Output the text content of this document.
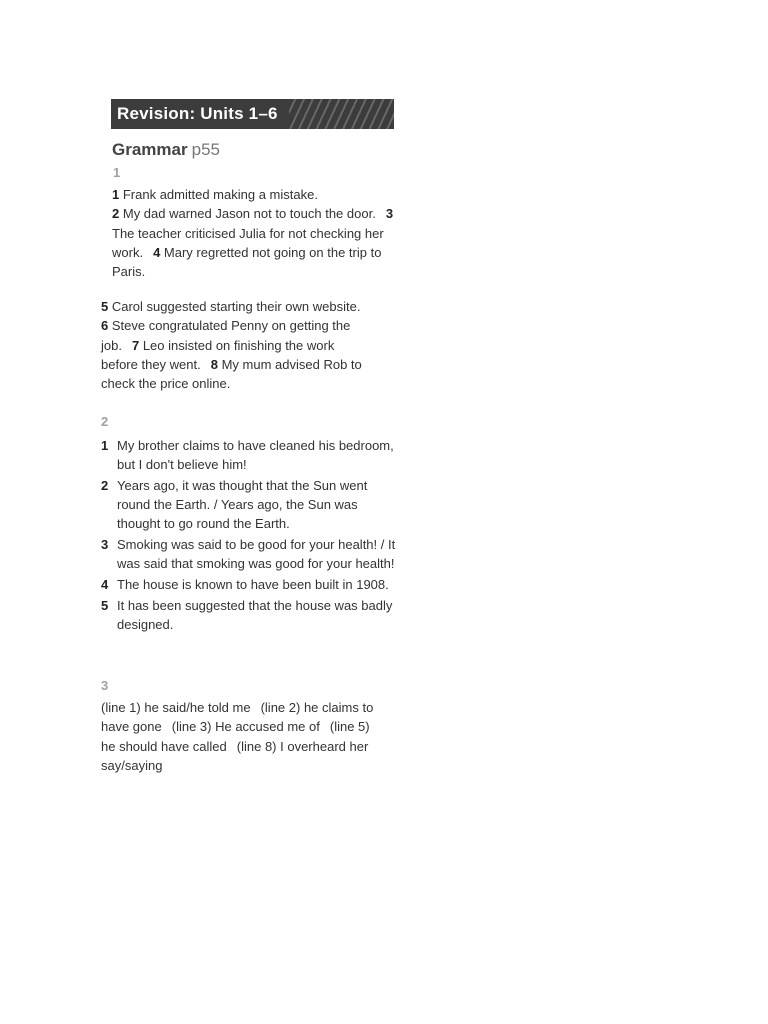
Revision: Units 1–6
Grammar p55
1
1 Frank admitted making a mistake.
2 My dad warned Jason not to touch the door. 3 The teacher criticised Julia for not checking her work. 4 Mary regretted not going on the trip to Paris.
5 Carol suggested starting their own website.6 Steve congratulated Penny on getting the job. 7 Leo insisted on finishing the work before they went. 8 My mum advised Rob to check the price online.
2
1 My brother claims to have cleaned his bedroom, but I don't believe him!
2 Years ago, it was thought that the Sun went round the Earth. / Years ago, the Sun was thought to go round the Earth.
3 Smoking was said to be good for your health! / It was said that smoking was good for your health!
4 The house is known to have been built in 1908.
5 It has been suggested that the house was badly designed.
3
(line 1) he said/he told me (line 2) he claims to have gone (line 3) He accused me of (line 5) he should have called (line 8) I overheard her say/saying
